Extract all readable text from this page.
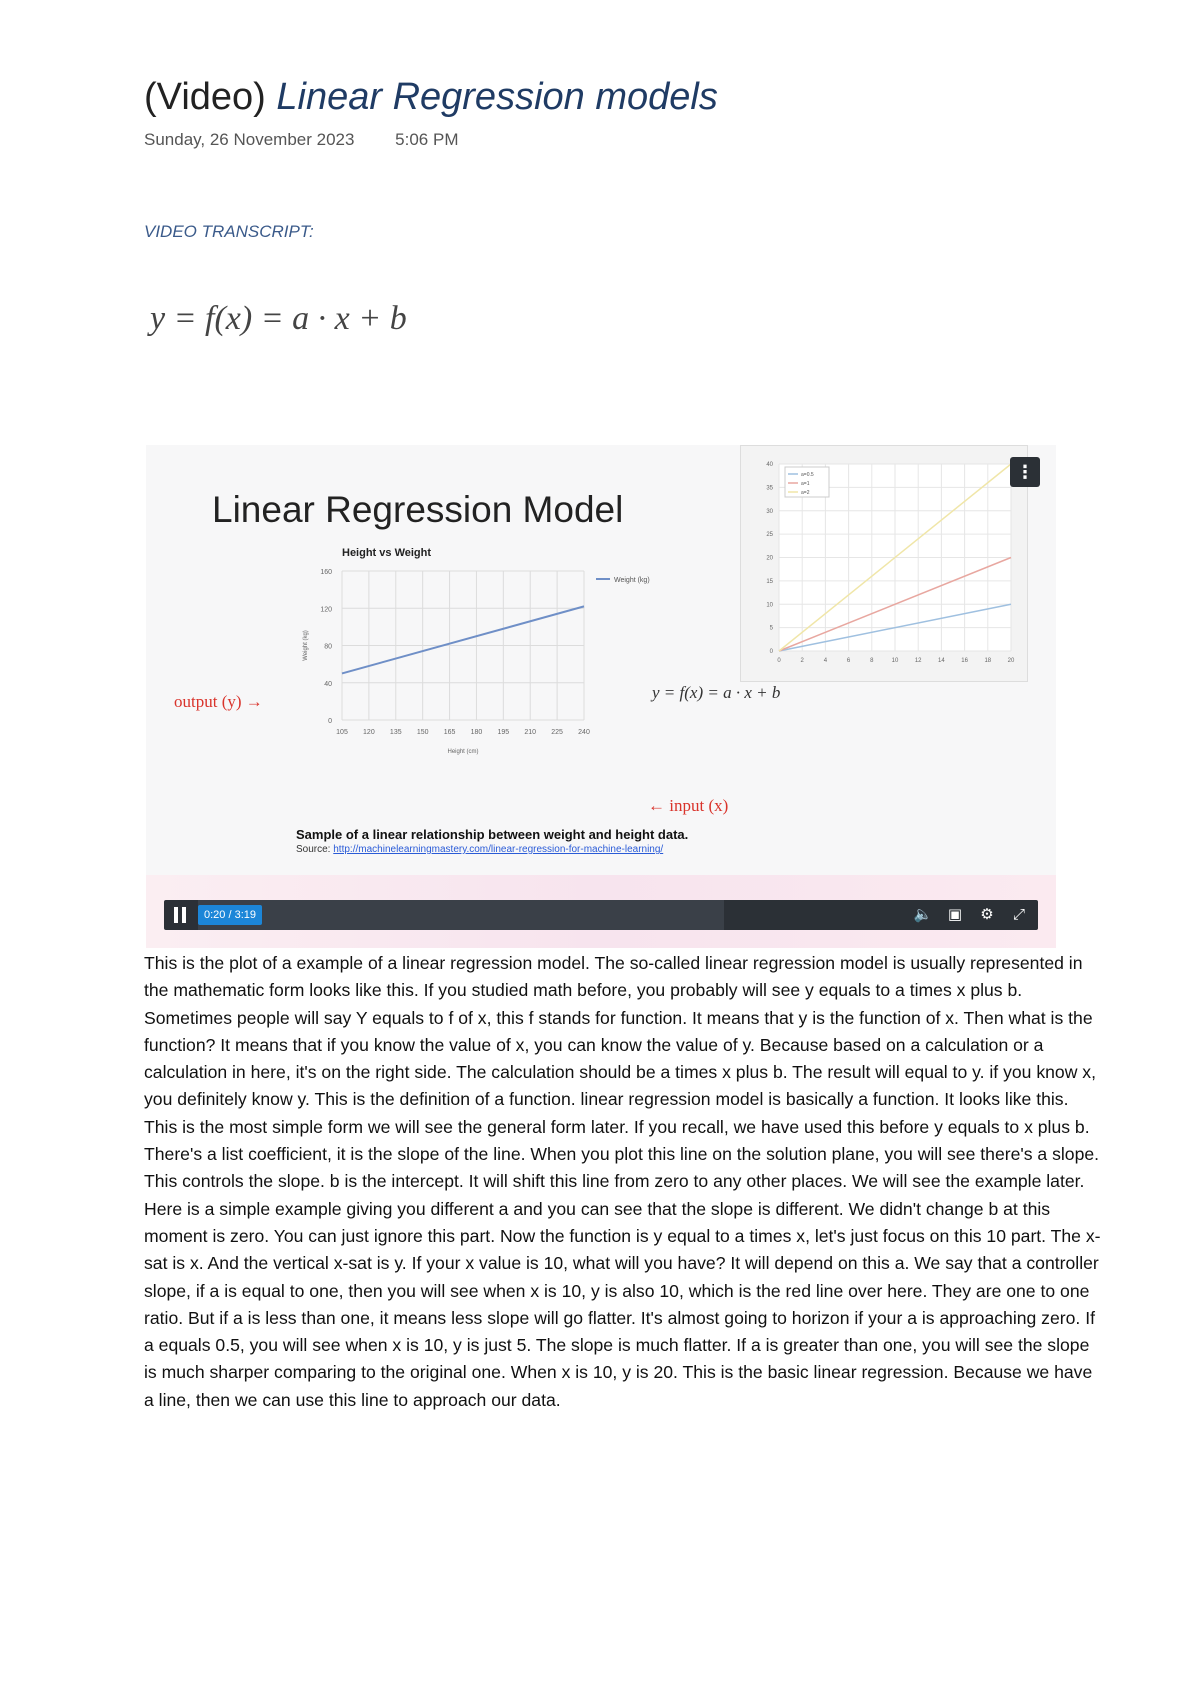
(Video) Linear Regression models
Sunday, 26 November 2023 5:06 PM
VIDEO TRANSCRIPT:
y = f(x) = a · x + b
Linear Regression Model
output (y) →
← input (x)
Height vs Weight
105 120 135 150 165 180 195 210 225 240
0
40
80
120
160
Height (cm)
Weight (kg)
Weight (kg)
y = f(x) = a · x + b
Sample of a linear relationship between weight and height data.
Source: http://machinelearningmastery.com/linear-regression-for-machine-learning/
0	2	4	6	8	10	12	14	16	18	20
0
5
10
15
20
25
30
35
40
a=0.5
a=1
a=2
⋮
0:20 / 3:19	🔈 ▣ ⚙	⤢
This is the plot of a example of a linear regression model. The so-called linear regression model is usually represented in the mathematic form looks like this. If you studied math before, you probably will see y equals to a times x plus b. Sometimes people will say Y equals to f of x, this f stands for function. It means that y is the function of x. Then what is the function? It means that if you know the value of x, you can know the value of y. Because based on a calculation or a calculation in here, it's on the right side. The calculation should be a times x plus b. The result will equal to y. if you know x, you definitely know y. This is the definition of a function. linear regression model is basically a function. It looks like this. This is the most simple form we will see the general form later. If you recall, we have used this before y equals to x plus b. There's a list coefficient, it is the slope of the line. When you plot this line on the solution plane, you will see there's a slope. This controls the slope. b is the intercept. It will shift this line from zero to any other places. We will see the example later. Here is a simple example giving you different a and you can see that the slope is different. We didn't change b at this moment is zero. You can just ignore this part. Now the function is y equal to a times x, let's just focus on this 10 part. The x-sat is x. And the vertical x-sat is y. If your x value is 10, what will you have? It will depend on this a. We say that a controller slope, if a is equal to one, then you will see when x is 10, y is also 10, which is the red line over here. They are one to one ratio. But if a is less than one, it means less slope will go flatter. It's almost going to horizon if your a is approaching zero. If a equals 0.5, you will see when x is 10, y is just 5. The slope is much flatter. If a is greater than one, you will see the slope is much sharper comparing to the original one. When x is 10, y is 20. This is the basic linear regression. Because we have a line, then we can use this line to approach our data.
